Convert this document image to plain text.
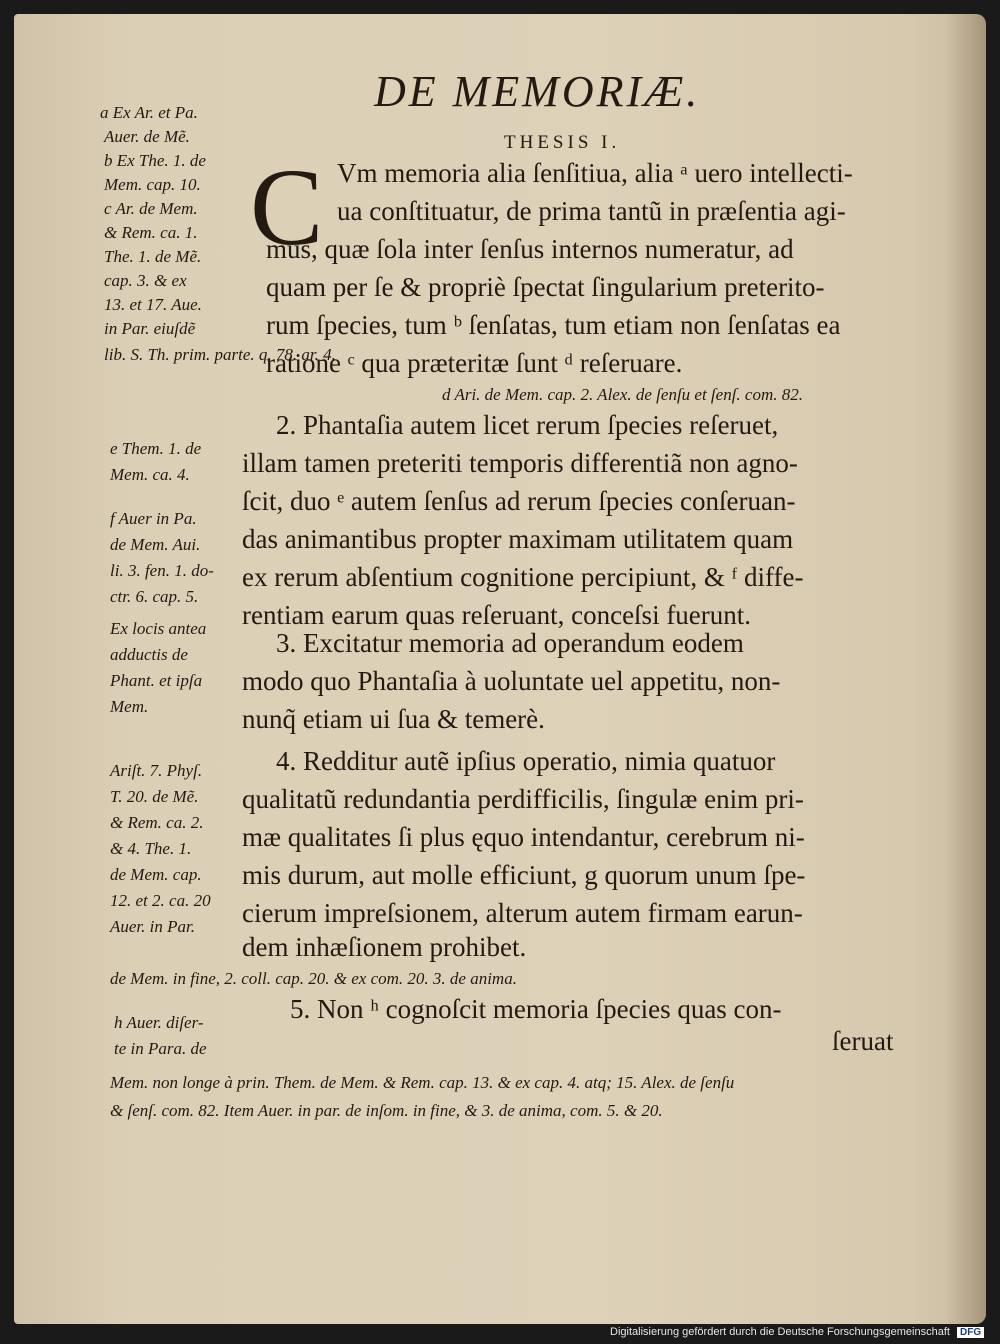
DE MEMORIÆ.
THESIS I.
C Vm memoria alia ſenſitiua, alia ᵃ uero intellecti-
ua conſtituatur, de prima tantũ in præſentia agi-
mus, quæ ſola inter ſenſus internos numeratur, ad
quam per ſe & propriè ſpectat ſingularium preterito-
rum ſpecies, tum ᵇ ſenſatas, tum etiam non ſenſatas ea
ratione ᶜ qua præteritæ ſunt ᵈ reſeruare.
d Ari. de Mem. cap. 2. Alex. de ſenſu et ſenſ. com. 82.
2. Phantaſia autem licet rerum ſpecies reſeruet,
illam tamen preteriti temporis differentiã non agno-
ſcit, duo ᵉ autem ſenſus ad rerum ſpecies conſeruan-
das animantibus propter maximam utilitatem quam
ex rerum abſentium cognitione percipiunt, & ᶠ diffe-
rentiam earum quas reſeruant, conceſsi fuerunt.
3. Excitatur memoria ad operandum eodem
modo quo Phantaſia à uoluntate uel appetitu, non-
nunq̃ etiam ui ſua & temerè.
4. Redditur autẽ ipſius operatio, nimia quatuor
qualitatũ redundantia perdifficilis, ſingulæ enim pri-
mæ qualitates ſi plus ęquo intendantur, cerebrum ni-
mis durum, aut molle efficiunt, g quorum unum ſpe-
cierum impreſsionem, alterum autem firmam earun-
dem inhæſionem prohibet.
de Mem. in fine, 2. coll. cap. 20. & ex com. 20. 3. de anima.
5. Non ʰ cognoſcit memoria ſpecies quas con-
ſeruat
Mem. non longe à prin. Them. de Mem. & Rem. cap. 13. & ex cap. 4. atq; 15. Alex. de ſenſu
& ſenſ. com. 82. Item Auer. in par. de inſom. in fine, & 3. de anima, com. 5. & 20.
a Ex Ar. et Pa.
Auer. de Mẽ.
b Ex The. 1. de
Mem. cap. 10.
c Ar. de Mem.
& Rem. ca. 1.
The. 1. de Mẽ.
cap. 3. & ex
13. et 17. Aue.
in Par. eiuſdẽ
lib. S. Th. prim. parte. q. 78. ar. 4.
e Them. 1. de
Mem. ca. 4.
f Auer in Pa.
de Mem. Aui.
li. 3. fen. 1. do-
ctr. 6. cap. 5.
Ex locis antea
adductis de
Phant. et ipſa
Mem.
Ariſt. 7. Phyſ.
T. 20. de Mẽ.
& Rem. ca. 2.
& 4. The. 1.
de Mem. cap.
12. et 2. ca. 20
Auer. in Par.
h Auer. diſer-
te in Para. de
Digitalisierung gefördert durch die Deutsche Forschungsgemeinschaft DFG
